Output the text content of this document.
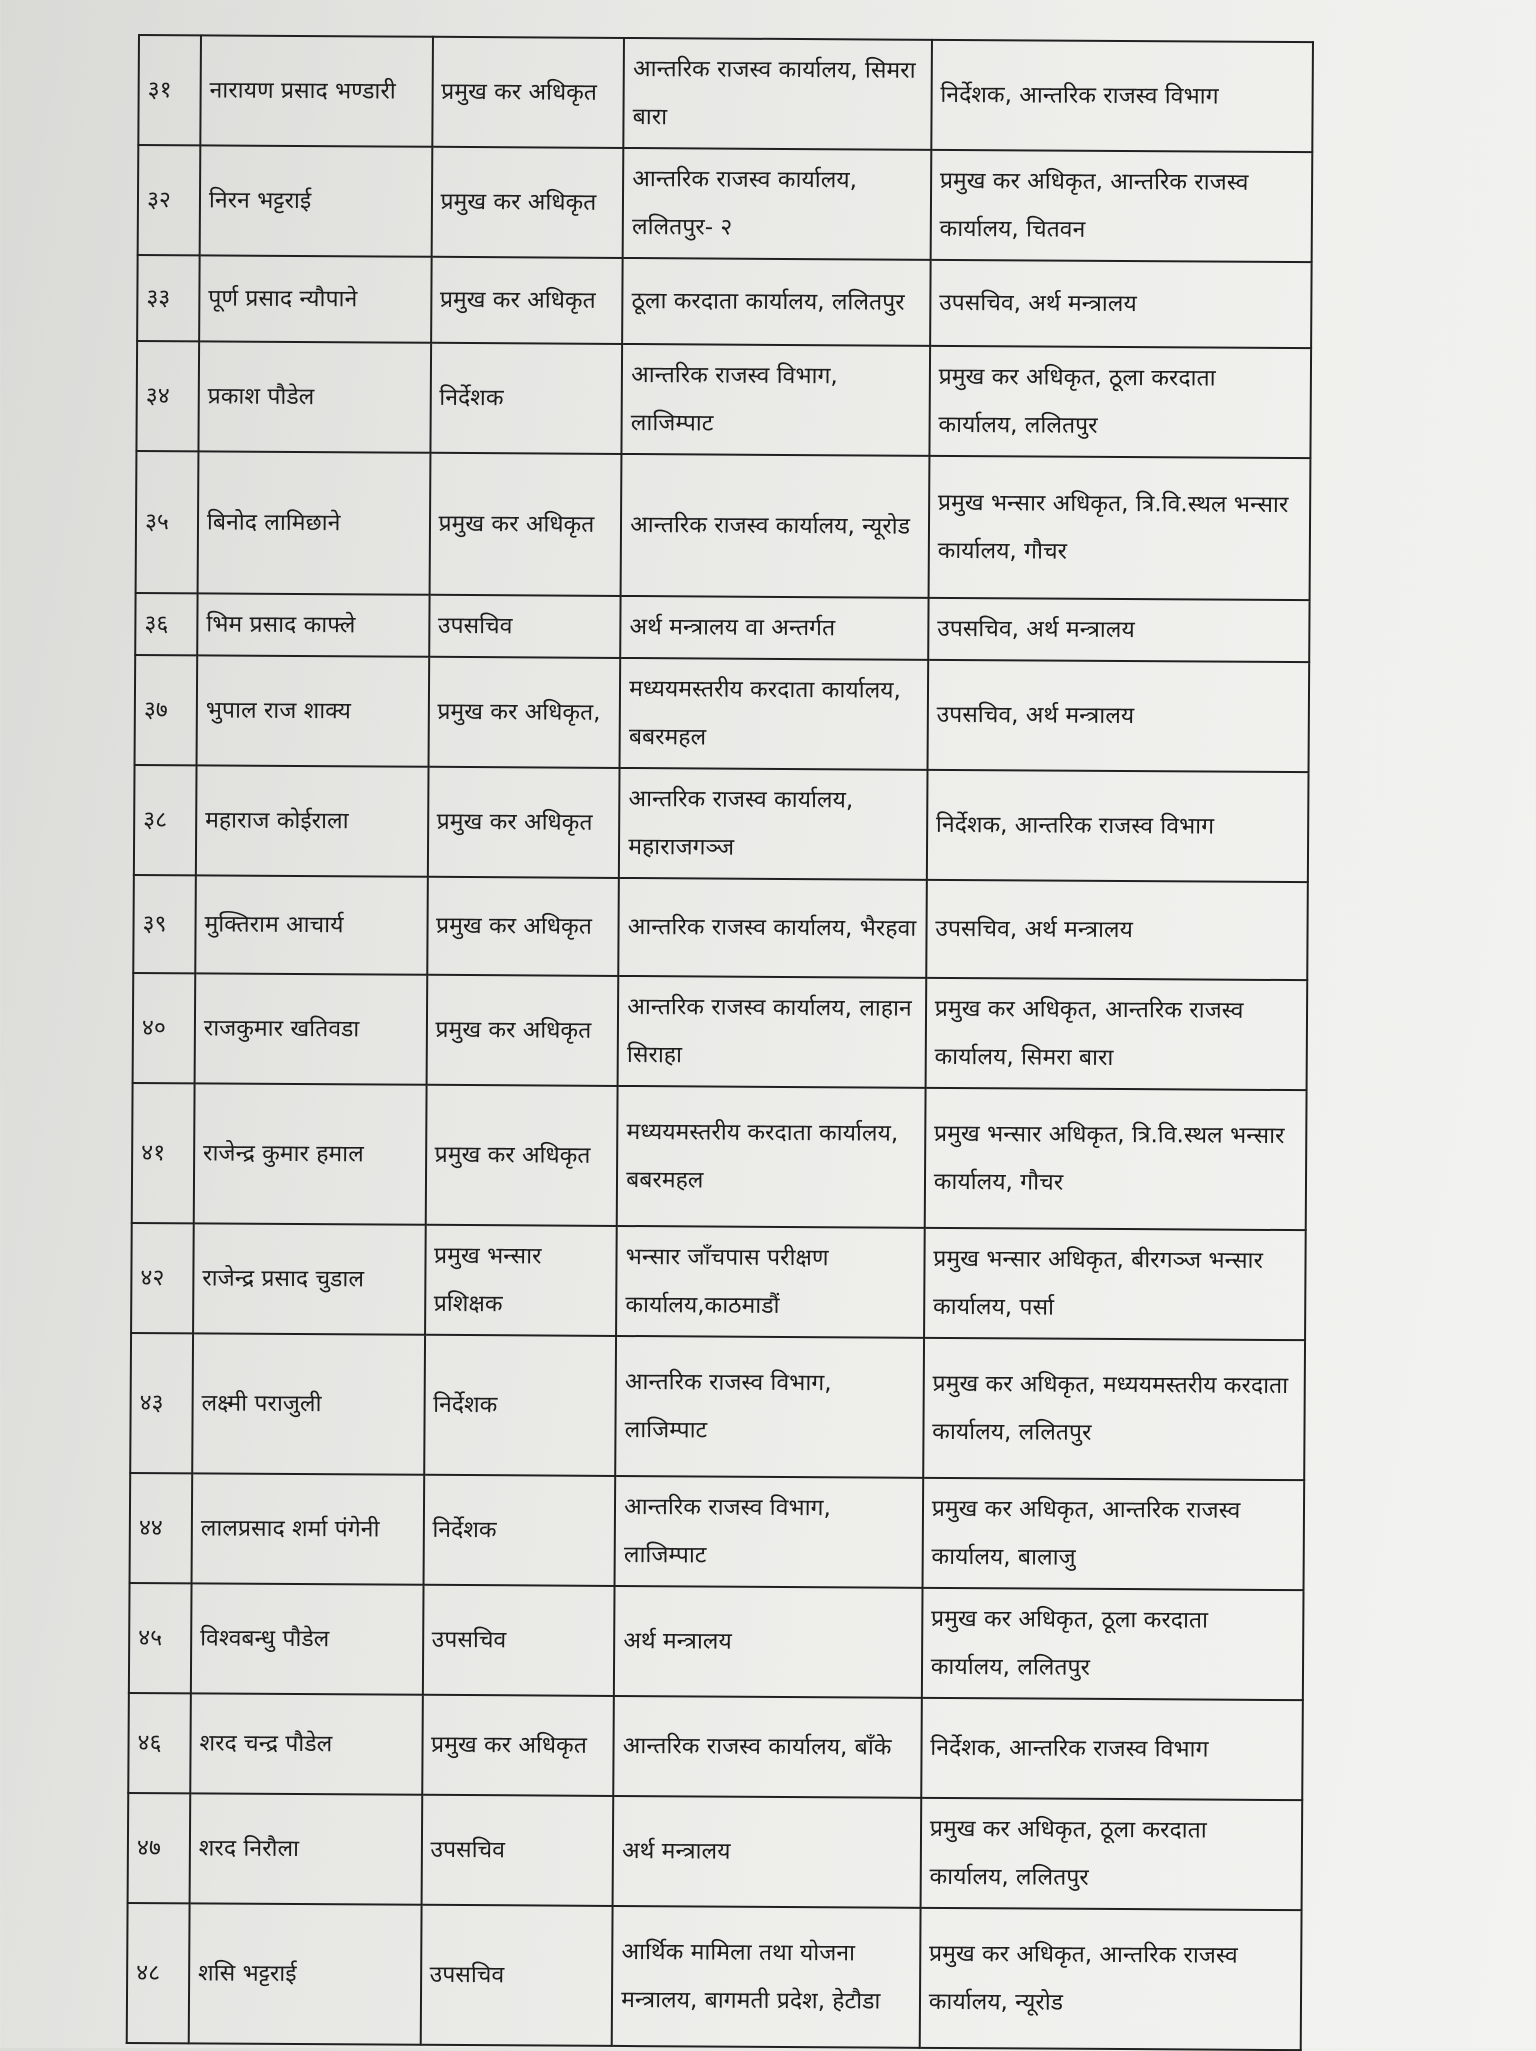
३१	नारायण प्रसाद भण्डारी	प्रमुख कर अधिकृत	आन्तरिक राजस्व कार्यालय, सिमरा बारा	निर्देशक, आन्तरिक राजस्व विभाग
३२	निरन भट्टराई	प्रमुख कर अधिकृत	आन्तरिक राजस्व कार्यालय, ललितपुर- २	प्रमुख कर अधिकृत, आन्तरिक राजस्व कार्यालय, चितवन
३३	पूर्ण प्रसाद न्यौपाने	प्रमुख कर अधिकृत	ठूला करदाता कार्यालय, ललितपुर	उपसचिव, अर्थ मन्त्रालय
३४	प्रकाश पौडेल	निर्देशक	आन्तरिक राजस्व विभाग, लाजिम्पाट	प्रमुख कर अधिकृत, ठूला करदाता कार्यालय, ललितपुर
३५	बिनोद लामिछाने	प्रमुख कर अधिकृत	आन्तरिक राजस्व कार्यालय, न्यूरोड	प्रमुख भन्सार अधिकृत, त्रि.वि.स्थल भन्सार कार्यालय, गौचर
३६	भिम प्रसाद काफ्ले	उपसचिव	अर्थ मन्त्रालय वा अन्तर्गत	उपसचिव, अर्थ मन्त्रालय
३७	भुपाल राज शाक्य	प्रमुख कर अधिकृत,	मध्ययमस्तरीय करदाता कार्यालय, बबरमहल	उपसचिव, अर्थ मन्त्रालय
३८	महाराज कोईराला	प्रमुख कर अधिकृत	आन्तरिक राजस्व कार्यालय, महाराजगञ्ज	निर्देशक, आन्तरिक राजस्व विभाग
३९	मुक्तिराम आचार्य	प्रमुख कर अधिकृत	आन्तरिक राजस्व कार्यालय, भैरहवा	उपसचिव, अर्थ मन्त्रालय
४०	राजकुमार खतिवडा	प्रमुख कर अधिकृत	आन्तरिक राजस्व कार्यालय, लाहान सिराहा	प्रमुख कर अधिकृत, आन्तरिक राजस्व कार्यालय, सिमरा बारा
४१	राजेन्द्र कुमार हमाल	प्रमुख कर अधिकृत	मध्ययमस्तरीय करदाता कार्यालय, बबरमहल	प्रमुख भन्सार अधिकृत, त्रि.वि.स्थल भन्सार कार्यालय, गौचर
४२	राजेन्द्र प्रसाद चुडाल	प्रमुख भन्सार प्रशिक्षक	भन्सार जाँचपास परीक्षण कार्यालय,काठमाडौं	प्रमुख भन्सार अधिकृत, बीरगञ्ज भन्सार कार्यालय, पर्सा
४३	लक्ष्मी पराजुली	निर्देशक	आन्तरिक राजस्व विभाग, लाजिम्पाट	प्रमुख कर अधिकृत, मध्ययमस्तरीय करदाता कार्यालय, ललितपुर
४४	लालप्रसाद शर्मा पंगेनी	निर्देशक	आन्तरिक राजस्व विभाग, लाजिम्पाट	प्रमुख कर अधिकृत, आन्तरिक राजस्व कार्यालय, बालाजु
४५	विश्वबन्धु पौडेल	उपसचिव	अर्थ मन्त्रालय	प्रमुख कर अधिकृत, ठूला करदाता कार्यालय, ललितपुर
४६	शरद चन्द्र पौडेल	प्रमुख कर अधिकृत	आन्तरिक राजस्व कार्यालय, बाँके	निर्देशक, आन्तरिक राजस्व विभाग
४७	शरद निरौला	उपसचिव	अर्थ मन्त्रालय	प्रमुख कर अधिकृत, ठूला करदाता कार्यालय, ललितपुर
४८	शसि भट्टराई	उपसचिव	आर्थिक मामिला तथा योजना मन्त्रालय, बागमती प्रदेश, हेटौडा	प्रमुख कर अधिकृत, आन्तरिक राजस्व कार्यालय, न्यूरोड
